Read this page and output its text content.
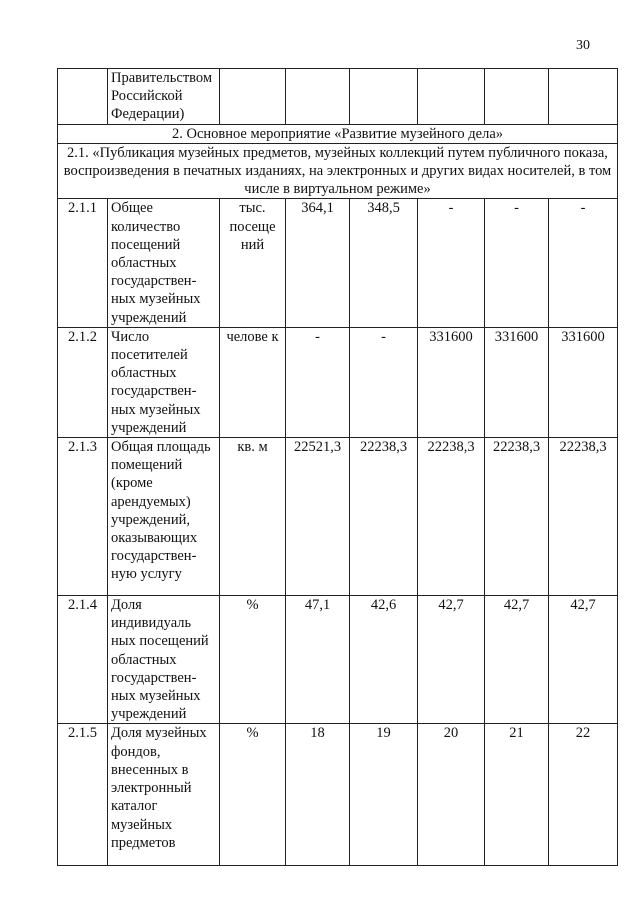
30
	Правительством Российской Федерации)						
2. Основное мероприятие «Развитие музейного дела»							
2.1. «Публикация музейных предметов, музейных коллекций путем публичного показа, воспроизведения в печатных изданиях, на электронных и других видах носителей, в том числе в виртуальном режиме»							
2.1.1	Общее количество посещений областных государствен-ных музейных учреждений	тыс. посеще ний	364,1	348,5	-	-	-
2.1.2	Число посетителей областных государствен-ных музейных учреждений	челове к	-	-	331600	331600	331600
2.1.3	Общая площадь помещений (кроме арендуемых) учреждений, оказывающих государствен-ную услугу	кв. м	22521,3	22238,3	22238,3	22238,3	22238,3
2.1.4	Доля индивидуаль ных посещений областных государствен-ных музейных учреждений	%	47,1	42,6	42,7	42,7	42,7
2.1.5	Доля музейных фондов, внесенных в электронный каталог музейных предметов	%	18	19	20	21	22
